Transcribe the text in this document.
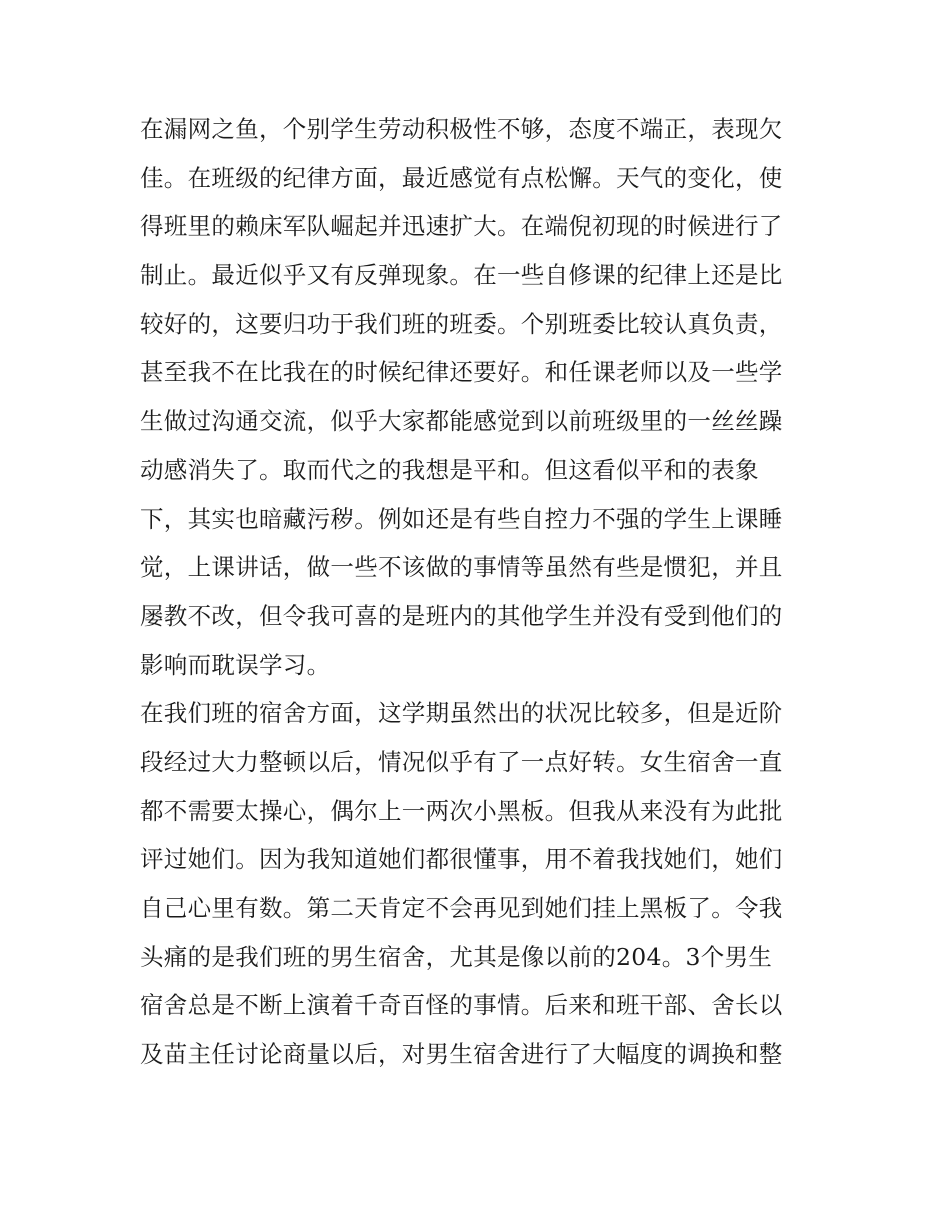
在漏网之鱼，个别学生劳动积极性不够，态度不端正，表现欠
佳。在班级的纪律方面，最近感觉有点松懈。天气的变化，使
得班里的赖床军队崛起并迅速扩大。在端倪初现的时候进行了
制止。最近似乎又有反弹现象。在一些自修课的纪律上还是比
较好的，这要归功于我们班的班委。个别班委比较认真负责，
甚至我不在比我在的时候纪律还要好。和任课老师以及一些学
生做过沟通交流，似乎大家都能感觉到以前班级里的一丝丝躁
动感消失了。取而代之的我想是平和。但这看似平和的表象
下，其实也暗藏污秽。例如还是有些自控力不强的学生上课睡
觉，上课讲话，做一些不该做的事情等虽然有些是惯犯，并且
屡教不改，但令我可喜的是班内的其他学生并没有受到他们的
影响而耽误学习。
在我们班的宿舍方面，这学期虽然出的状况比较多，但是近阶
段经过大力整顿以后，情况似乎有了一点好转。女生宿舍一直
都不需要太操心，偶尔上一两次小黑板。但我从来没有为此批
评过她们。因为我知道她们都很懂事，用不着我找她们，她们
自己心里有数。第二天肯定不会再见到她们挂上黑板了。令我
头痛的是我们班的男生宿舍，尤其是像以前的204。3个男生
宿舍总是不断上演着千奇百怪的事情。后来和班干部、舍长以
及苗主任讨论商量以后，对男生宿舍进行了大幅度的调换和整
